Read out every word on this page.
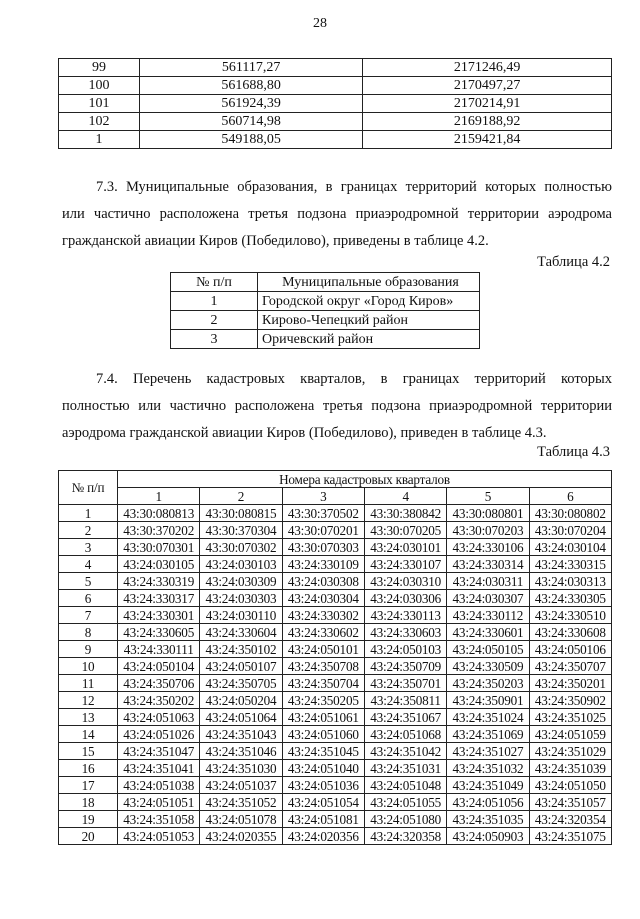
28
99	561117,27	2171246,49
100	561688,80	2170497,27
101	561924,39	2170214,91
102	560714,98	2169188,92
1	549188,05	2159421,84
7.3. Муниципальные образования, в границах территорий которых полностью
или частично расположена третья подзона приаэродромной территории аэродрома
гражданской авиации Киров (Победилово), приведены в таблице 4.2.
Таблица 4.2
№ п/п	Муниципальные образования
1	Городской округ «Город Киров»
2	Кирово-Чепецкий район
3	Оричевский район
7.4. Перечень кадастровых кварталов, в границах территорий которых
полностью или частично расположена третья подзона приаэродромной территории
аэродрома гражданской авиации Киров (Победилово), приведен в таблице 4.3.
Таблица 4.3
№ п/п	Номера кадастровых кварталов					
	1	2	3	4	5	6
1	43:30:080813	43:30:080815	43:30:370502	43:30:380842	43:30:080801	43:30:080802
2	43:30:370202	43:30:370304	43:30:070201	43:30:070205	43:30:070203	43:30:070204
3	43:30:070301	43:30:070302	43:30:070303	43:24:030101	43:24:330106	43:24:030104
4	43:24:030105	43:24:030103	43:24:330109	43:24:330107	43:24:330314	43:24:330315
5	43:24:330319	43:24:030309	43:24:030308	43:24:030310	43:24:030311	43:24:030313
6	43:24:330317	43:24:030303	43:24:030304	43:24:030306	43:24:030307	43:24:330305
7	43:24:330301	43:24:030110	43:24:330302	43:24:330113	43:24:330112	43:24:330510
8	43:24:330605	43:24:330604	43:24:330602	43:24:330603	43:24:330601	43:24:330608
9	43:24:330111	43:24:350102	43:24:050101	43:24:050103	43:24:050105	43:24:050106
10	43:24:050104	43:24:050107	43:24:350708	43:24:350709	43:24:330509	43:24:350707
11	43:24:350706	43:24:350705	43:24:350704	43:24:350701	43:24:350203	43:24:350201
12	43:24:350202	43:24:050204	43:24:350205	43:24:350811	43:24:350901	43:24:350902
13	43:24:051063	43:24:051064	43:24:051061	43:24:351067	43:24:351024	43:24:351025
14	43:24:051026	43:24:351043	43:24:051060	43:24:051068	43:24:351069	43:24:051059
15	43:24:351047	43:24:351046	43:24:351045	43:24:351042	43:24:351027	43:24:351029
16	43:24:351041	43:24:351030	43:24:051040	43:24:351031	43:24:351032	43:24:351039
17	43:24:051038	43:24:051037	43:24:051036	43:24:051048	43:24:351049	43:24:051050
18	43:24:051051	43:24:351052	43:24:051054	43:24:051055	43:24:051056	43:24:351057
19	43:24:351058	43:24:051078	43:24:051081	43:24:051080	43:24:351035	43:24:320354
20	43:24:051053	43:24:020355	43:24:020356	43:24:320358	43:24:050903	43:24:351075
